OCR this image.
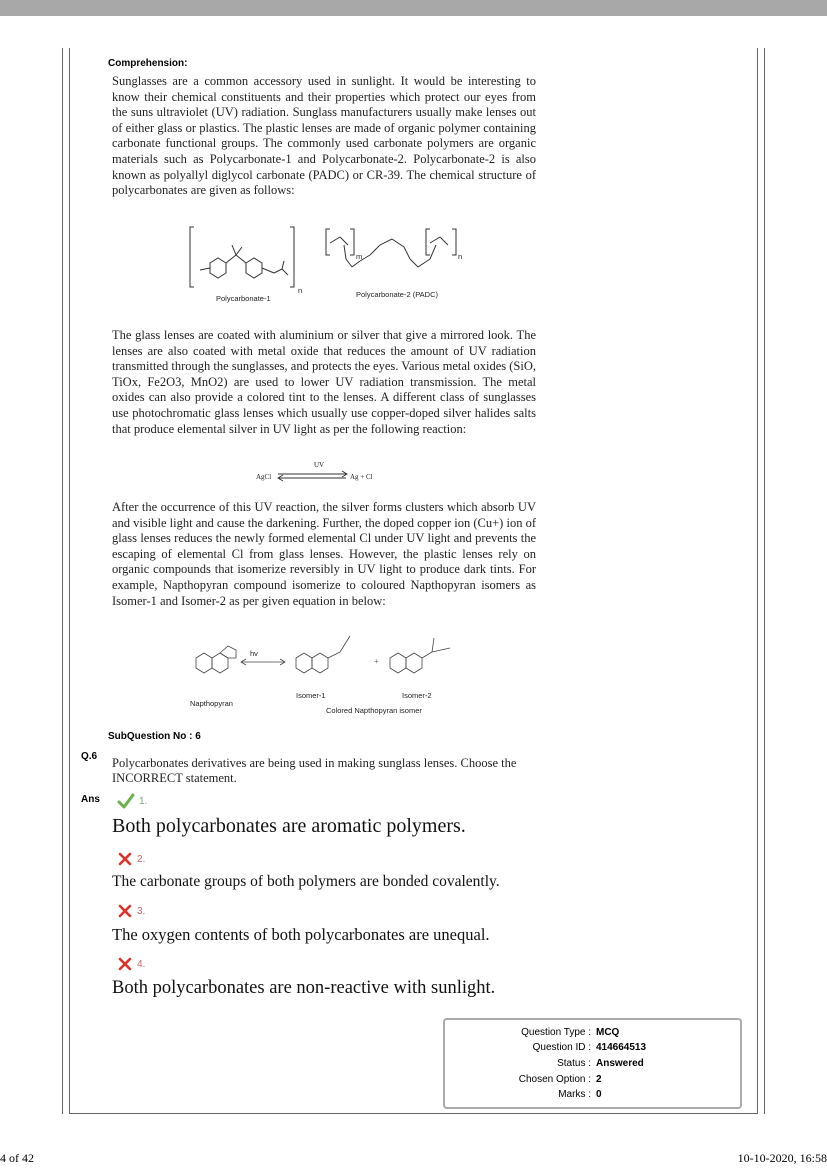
Comprehension:
Sunglasses are a common accessory used in sunlight. It would be interesting to know their chemical constituents and their properties which protect our eyes from the suns ultraviolet (UV) radiation. Sunglass manufacturers usually make lenses out of either glass or plastics. The plastic lenses are made of organic polymer containing carbonate functional groups. The commonly used carbonate polymers are organic materials such as Polycarbonate-1 and Polycarbonate-2. Polycarbonate-2 is also known as polyallyl diglycol carbonate (PADC) or CR-39. The chemical structure of polycarbonates are given as follows:
Polycarbonate-1	Polycarbonate-2 (PADC)
n
m	n
The glass lenses are coated with aluminium or silver that give a mirrored look. The lenses are also coated with metal oxide that reduces the amount of UV radiation transmitted through the sunglasses, and protects the eyes. Various metal oxides (SiO, TiOx, Fe2O3, MnO2) are used to lower UV radiation transmission. The metal oxides can also provide a colored tint to the lenses. A different class of sunglasses use photochromatic glass lenses which usually use copper-doped silver halides salts that produce elemental silver in UV light as per the following reaction:
AgCl
UV
Ag + Cl
After the occurrence of this UV reaction, the silver forms clusters which absorb UV and visible light and cause the darkening. Further, the doped copper ion (Cu+) ion of glass lenses reduces the newly formed elemental Cl under UV light and prevents the escaping of elemental Cl from glass lenses. However, the plastic lenses rely on organic compounds that isomerize reversibly in UV light to produce dark tints. For example, Napthopyran compound isomerize to coloured Napthopyran isomers as Isomer-1 and Isomer-2 as per given equation in below:
+
hv
Napthopyran
Isomer-1	Isomer-2
Colored Napthopyran isomer
SubQuestion No : 6
Q.6 Polycarbonates derivatives are being used in making sunglass lenses. Choose the
INCORRECT statement.
Ans	1.
Both polycarbonates are aromatic polymers.
2.
The carbonate groups of both polymers are bonded covalently.
3.
The oxygen contents of both polycarbonates are unequal.
4.
Both polycarbonates are non-reactive with sunlight.
Question Type : MCQ
Question ID : 414664513
Status : Answered
Chosen Option : 2
Marks : 0
4 of 42	10-10-2020, 16:58
